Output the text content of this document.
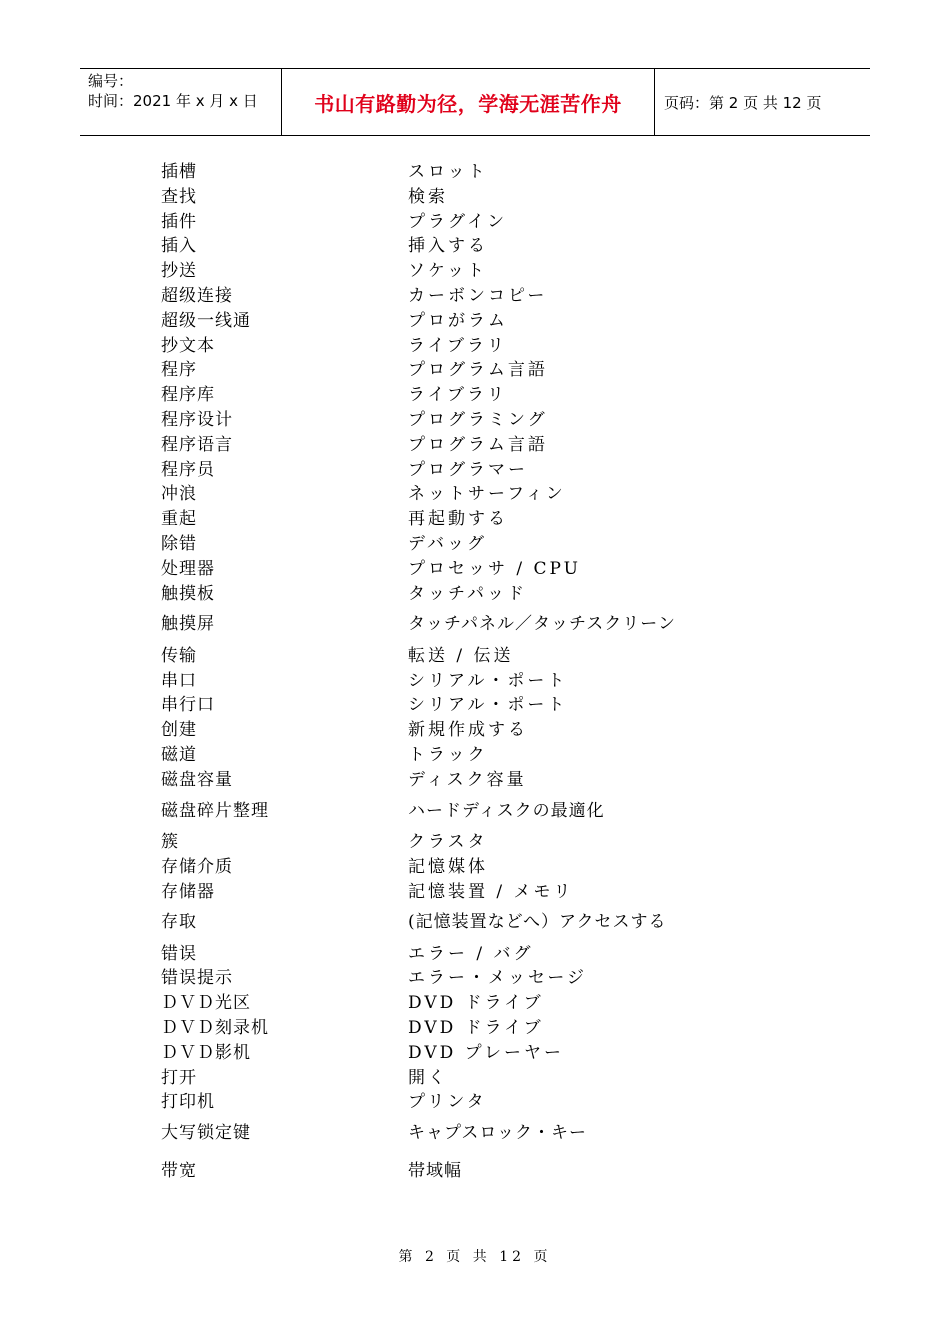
编号：
时间：2021 年 x 月 x 日	书山有路勤为径，学海无涯苦作舟	页码：第 2 页 共 12 页
插槽	スロット
查找	検索
插件	プラグイン
插入	挿入する
抄送	ソケット
超级连接	カーボンコピー
超级一线通	プロがラム
抄文本	ライブラリ
程序	プログラム言語
程序库	ライブラリ
程序设计	プログラミング
程序语言	プログラム言語
程序员	プログラマー
冲浪	ネットサーフィン
重起	再起動する
除错	デバッグ
处理器	プロセッサ / CPU
触摸板	タッチパッド
触摸屏	タッチパネル／タッチスクリーン
传输	転送 / 伝送
串口	シリアル・ポート
串行口	シリアル・ポート
创建	新規作成する
磁道	トラック
磁盘容量	ディスク容量
磁盘碎片整理	ハードディスクの最適化
簇	クラスタ
存储介质	記憶媒体
存储器	記憶装置 / メモリ
存取	(記憶装置などへ）アクセスする
错误	エラー / バグ
错误提示	エラー・メッセージ
ＤＶＤ光区	DVD ドライブ
ＤＶＤ刻录机	DVD ドライブ
ＤＶＤ影机	DVD プレーヤー
打开	開く
打印机	プリンタ
大写锁定键	キャプスロック・キー
带宽	帯域幅
第 2 页 共 12 页
